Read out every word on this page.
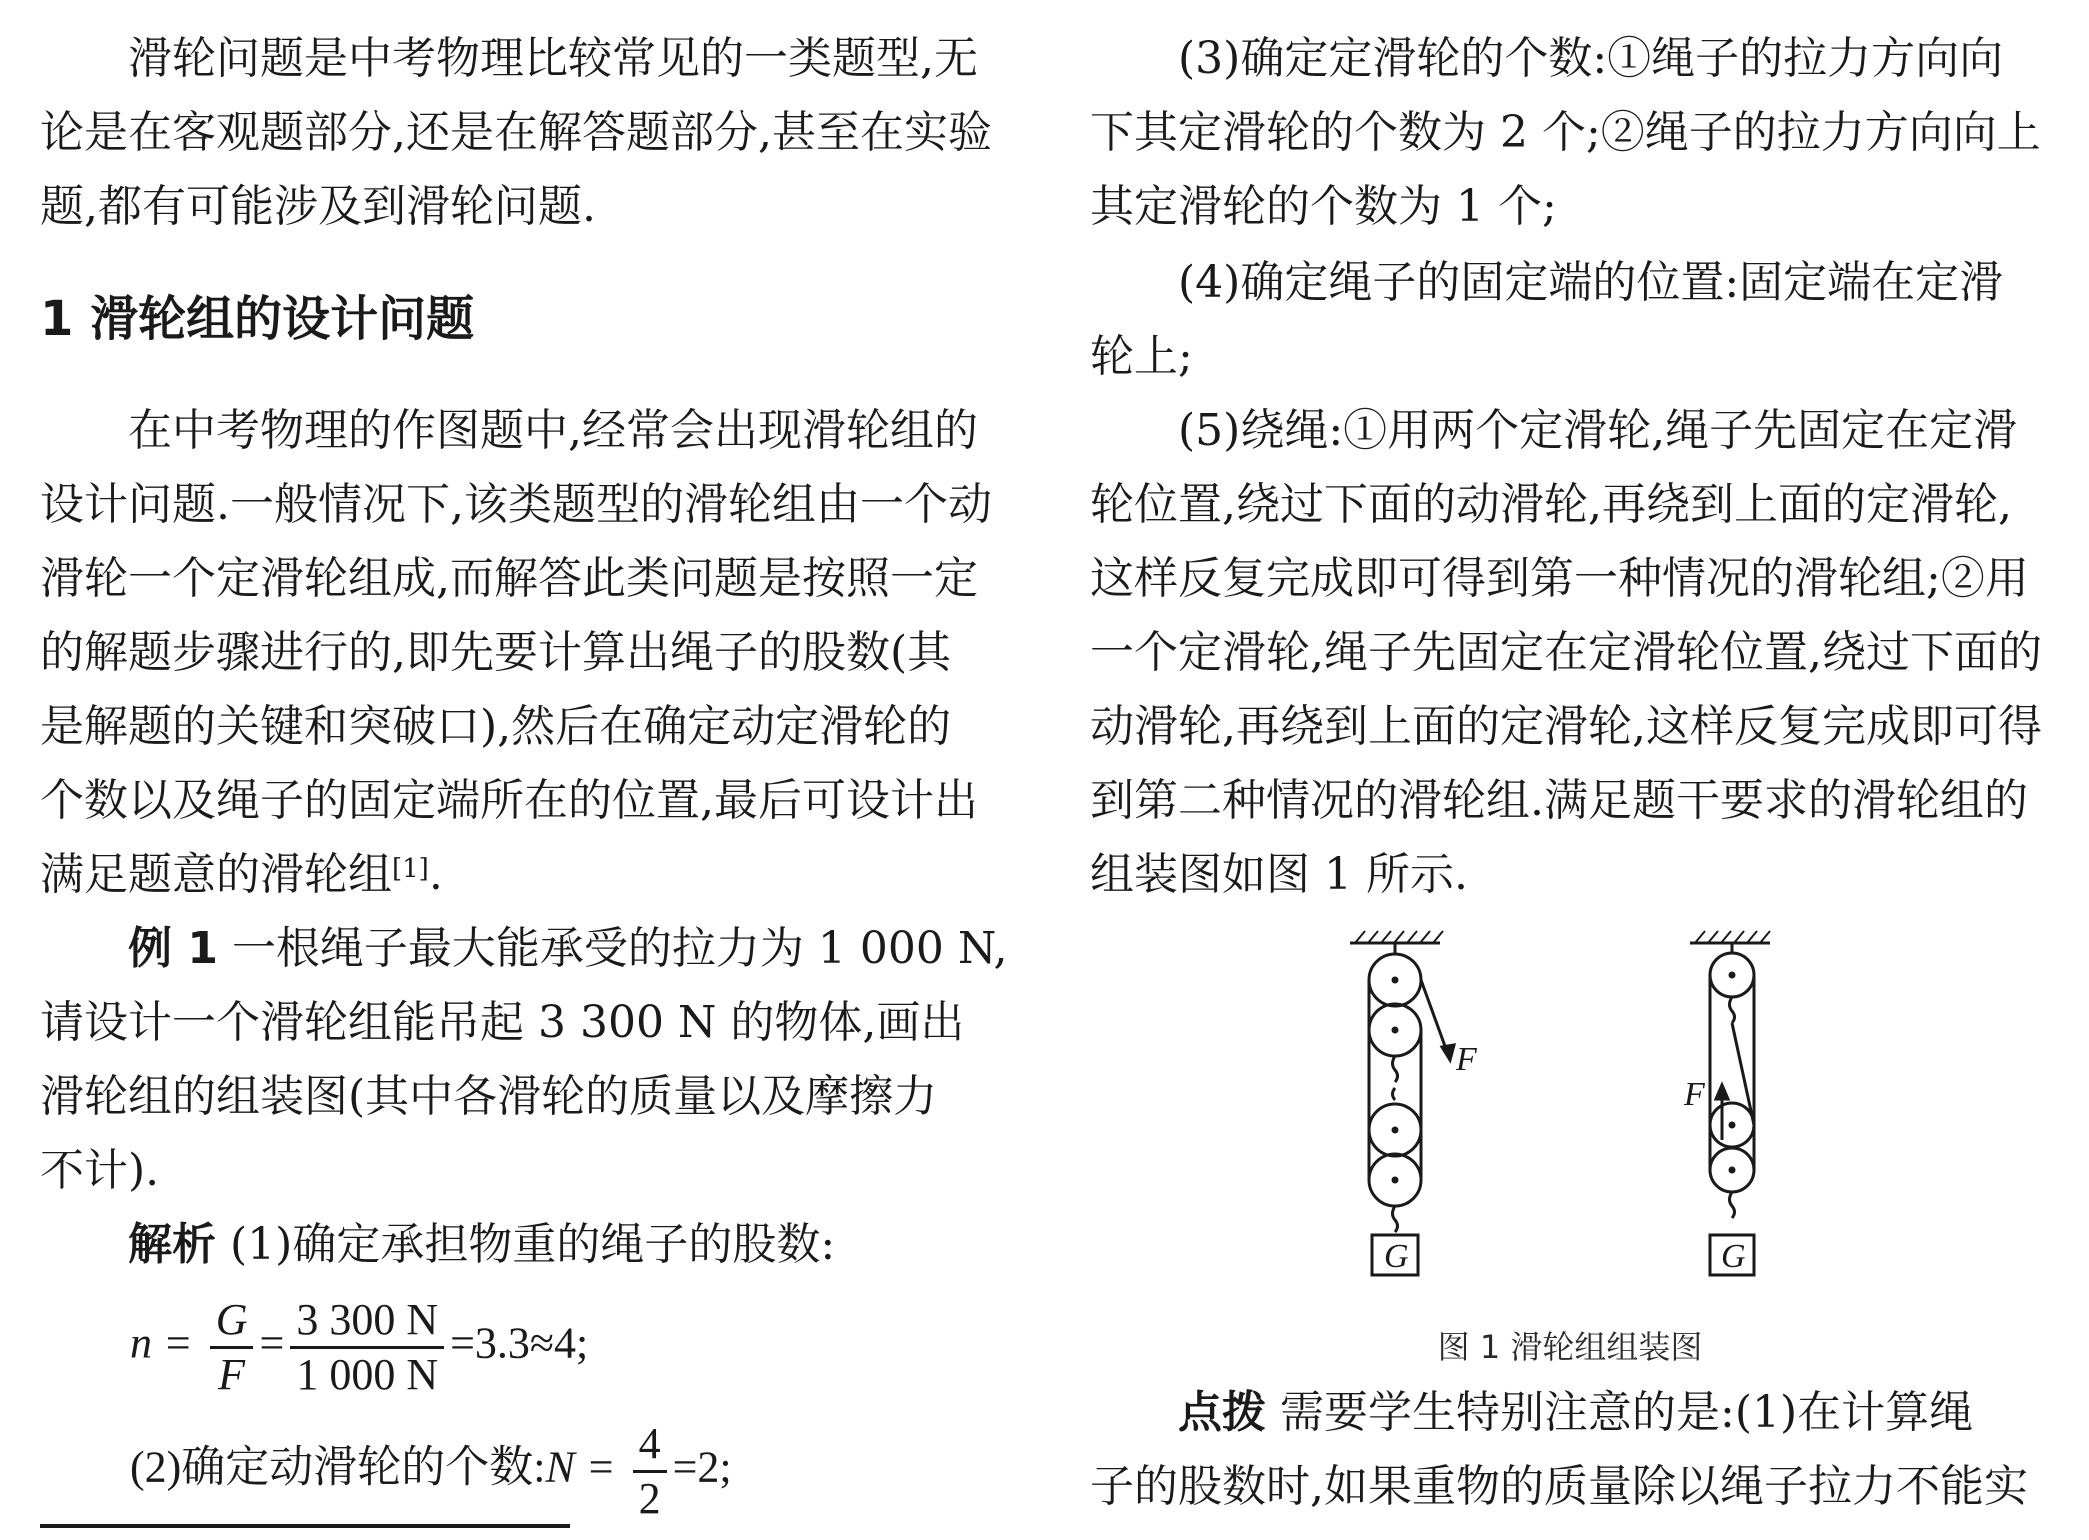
滑轮问题是中考物理比较常见的一类题型,无
论是在客观题部分,还是在解答题部分,甚至在实验
题,都有可能涉及到滑轮问题.
1 滑轮组的设计问题
在中考物理的作图题中,经常会出现滑轮组的
设计问题.一般情况下,该类题型的滑轮组由一个动
滑轮一个定滑轮组成,而解答此类问题是按照一定
的解题步骤进行的,即先要计算出绳子的股数(其
是解题的关键和突破口),然后在确定动定滑轮的
个数以及绳子的固定端所在的位置,最后可设计出
满足题意的滑轮组[1].
例 1 一根绳子最大能承受的拉力为 1 000 N,
请设计一个滑轮组能吊起 3 300 N 的物体,画出
滑轮组的组装图(其中各滑轮的质量以及摩擦力
不计).
解析 (1)确定承担物重的绳子的股数:
$n = \frac{G}{F} = \frac{3 300 N}{1 000 N} =3.3\approx 4$;
(2)确定动滑轮的个数:N = $\frac{4}{2} =2$;
(3)确定定滑轮的个数:①绳子的拉力方向向
下其定滑轮的个数为 2 个;②绳子的拉力方向向上
其定滑轮的个数为 1 个;
(4)确定绳子的固定端的位置:固定端在定滑
轮上;
(5)绕绳:①用两个定滑轮,绳子先固定在定滑
轮位置,绕过下面的动滑轮,再绕到上面的定滑轮,
这样反复完成即可得到第一种情况的滑轮组;②用
一个定滑轮,绳子先固定在定滑轮位置,绕过下面的
动滑轮,再绕到上面的定滑轮,这样反复完成即可得
到第二种情况的滑轮组.满足题干要求的滑轮组的
组装图如图 1 所示.
点拨 需要学生特别注意的是:(1)在计算绳
子的股数时,如果重物的质量除以绳子拉力不能实
F
F
G	G
图 1 滑轮组组装图
